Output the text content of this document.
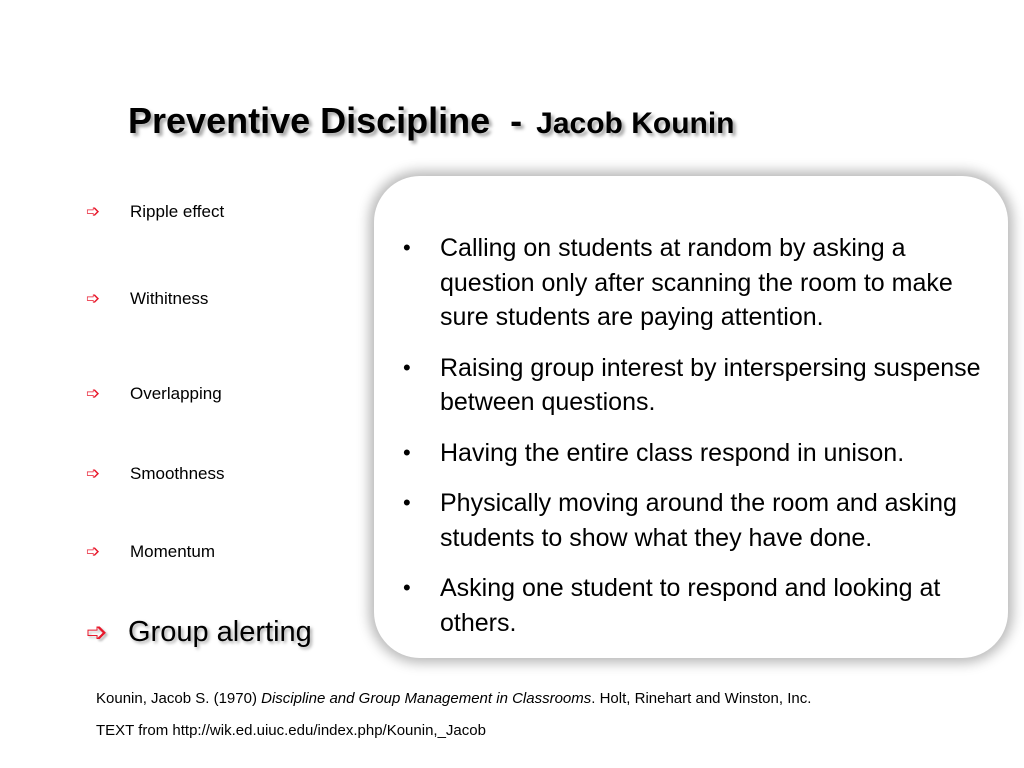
Preventive Discipline - Jacob Kounin
➩	Ripple effect
➩	Withitness
➩	Overlapping
➩	Smoothness
➩	Momentum
➩ Group alerting
• Calling on students at random by asking a question only after scanning the room to make sure students are paying attention.
• Raising group interest by interspersing suspense between questions.
• Having the entire class respond in unison.
• Physically moving around the room and asking students to show what they have done.
• Asking one student to respond and looking at others.
Kounin, Jacob S. (1970) Discipline and Group Management in Classrooms. Holt, Rinehart and Winston, Inc.
TEXT from http://wik.ed.uiuc.edu/index.php/Kounin,_Jacob
